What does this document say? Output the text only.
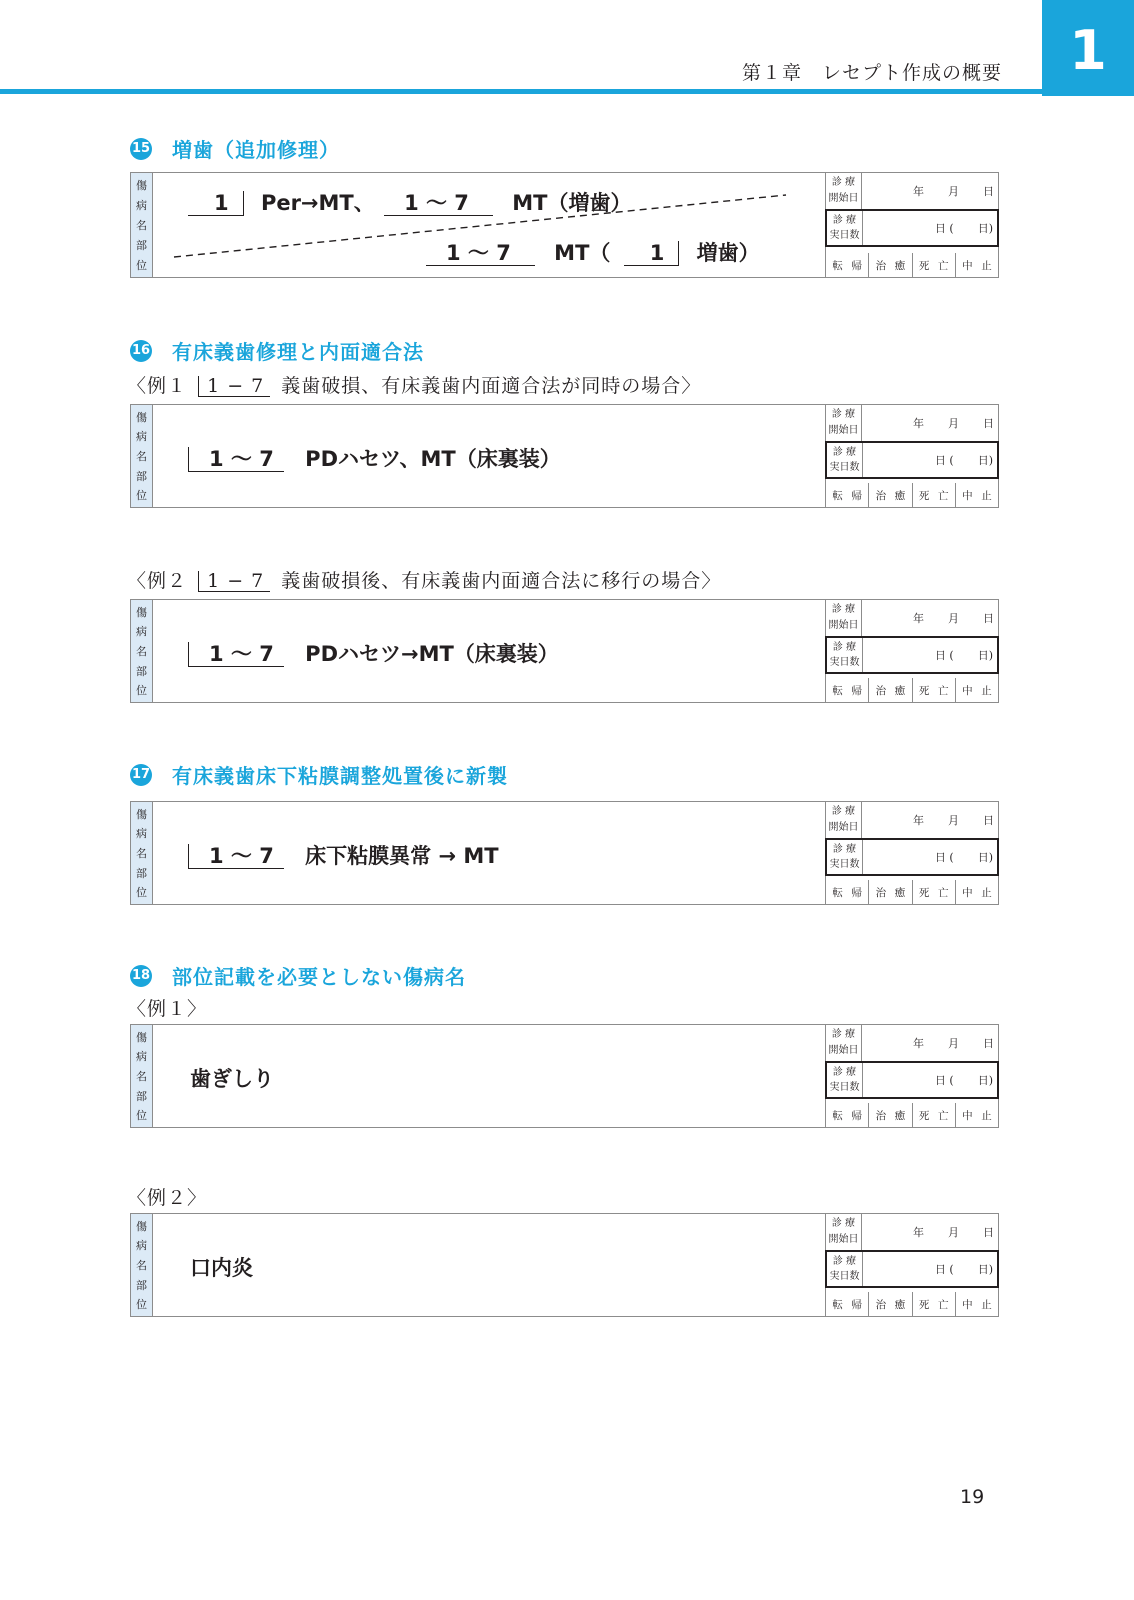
第１章　レセプト作成の概要	1
15 増歯（追加修理）
傷
病
名
部
位
1 Per→MT、 1 〜 7 MT（増歯）
1 〜 7 MT（ 1 増歯）
診 療
開始日
年 月 日
診 療
実日数	日 ( 日)
転 帰 治 癒 死 亡 中 止
16 有床義歯修理と内面適合法
〈例１ 1 − 7 義歯破損、有床義歯内面適合法が同時の場合〉
傷
病
名
部
位
1 〜 7 PDハセツ、MT（床裏装）
診 療
開始日
年 月 日
診 療
実日数	日 ( 日)
転 帰 治 癒 死 亡 中 止
〈例２ 1 − 7 義歯破損後、有床義歯内面適合法に移行の場合〉
傷
病
名
部
位
1 〜 7 PDハセツ→MT（床裏装）
診 療
開始日
年 月 日
診 療
実日数	日 ( 日)
転 帰 治 癒 死 亡 中 止
17 有床義歯床下粘膜調整処置後に新製
傷
病
名
部
位
1 〜 7 床下粘膜異常 → MT
診 療
開始日
年 月 日
診 療
実日数	日 ( 日)
転 帰 治 癒 死 亡 中 止
18 部位記載を必要としない傷病名
〈例１〉
傷
病
名
部
位
歯ぎしり
診 療
開始日
年 月 日
診 療
実日数	日 ( 日)
転 帰 治 癒 死 亡 中 止
〈例２〉
傷
病
名
部
位
口内炎
診 療
開始日
年 月 日
診 療
実日数	日 ( 日)
転 帰 治 癒 死 亡 中 止
19
